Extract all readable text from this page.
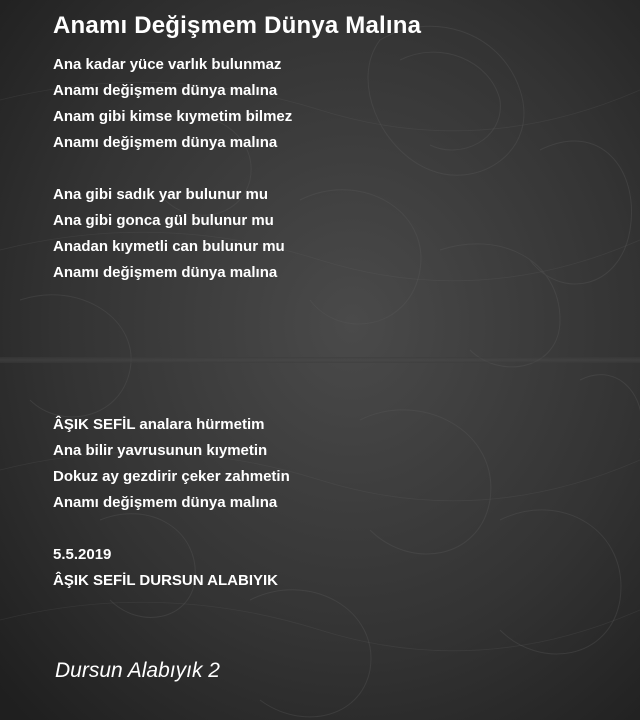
Anamı Değişmem Dünya Malına
Ana kadar yüce varlık bulunmaz
Anamı değişmem dünya malına
Anam gibi kimse kıymetim bilmez
Anamı değişmem dünya malına
Ana gibi sadık yar bulunur mu
Ana gibi gonca gül bulunur mu
Anadan kıymetli can bulunur mu
Anamı değişmem dünya malına
ÂŞIK SEFİL analara hürmetim
Ana bilir yavrusunun kıymetin
Dokuz ay gezdirir çeker zahmetin
Anamı değişmem dünya malına
5.5.2019
ÂŞIK SEFİL DURSUN ALABIYIK
Dursun Alabıyık 2
